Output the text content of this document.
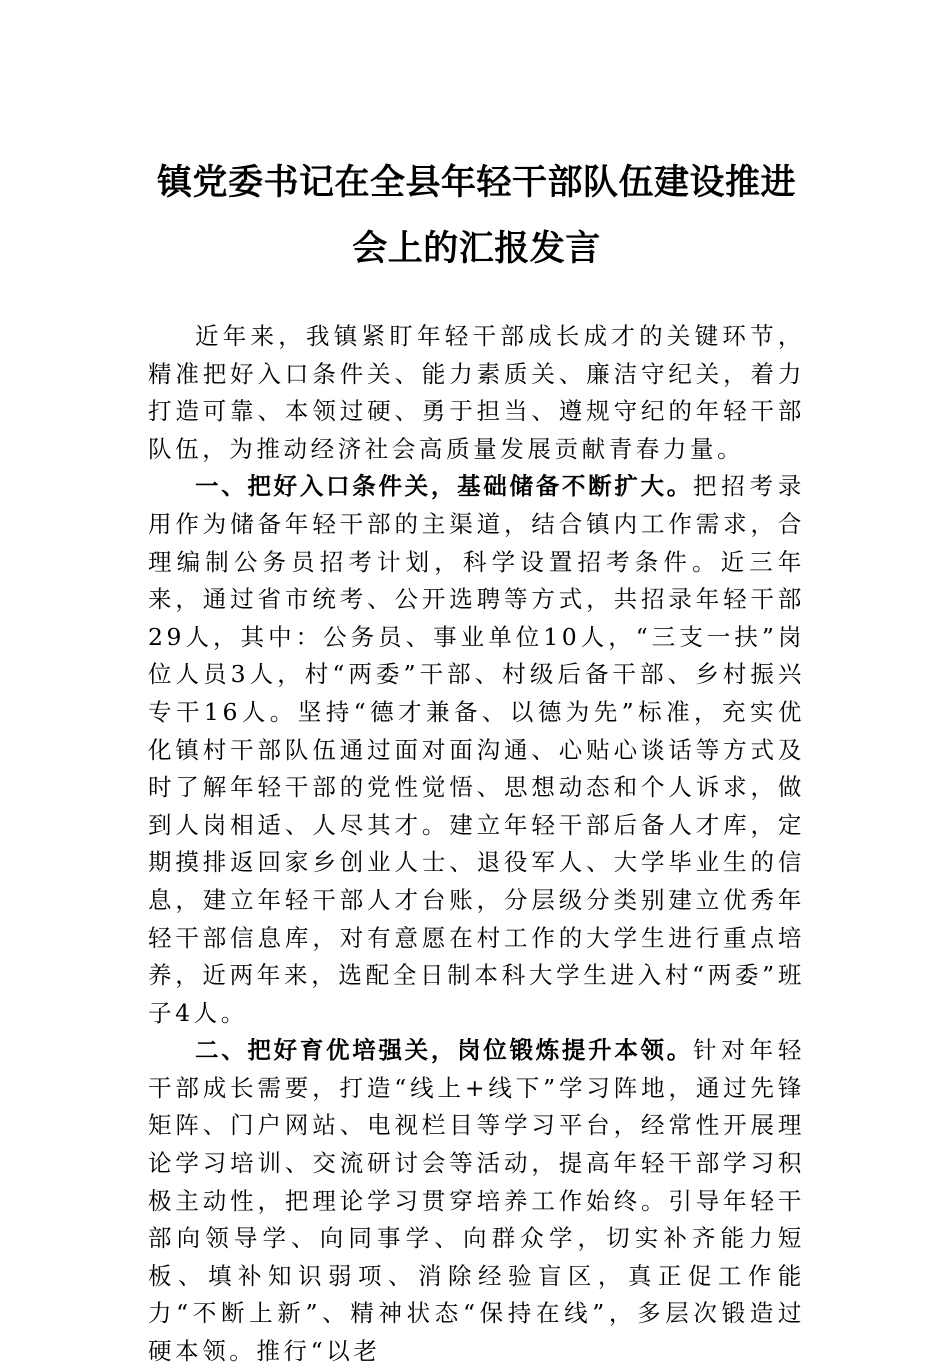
镇党委书记在全县年轻干部队伍建设推进
会上的汇报发言

近年来，我镇紧盯年轻干部成长成才的关键环节，精准把好入口条件关、能力素质关、廉洁守纪关，着力打造可靠、本领过硬、勇于担当、遵规守纪的年轻干部队伍，为推动经济社会高质量发展贡献青春力量。

一、把好入口条件关，基础储备不断扩大。把招考录用作为储备年轻干部的主渠道，结合镇内工作需求，合理编制公务员招考计划，科学设置招考条件。近三年来，通过省市统考、公开选聘等方式，共招录年轻干部29人，其中：公务员、事业单位10人，“三支一扶”岗位人员3人，村“两委”干部、村级后备干部、乡村振兴专干16人。坚持“德才兼备、以德为先”标准，充实优化镇村干部队伍通过面对面沟通、心贴心谈话等方式及时了解年轻干部的党性觉悟、思想动态和个人诉求，做到人岗相适、人尽其才。建立年轻干部后备人才库，定期摸排返回家乡创业人士、退役军人、大学毕业生的信息，建立年轻干部人才台账，分层级分类别建立优秀年轻干部信息库，对有意愿在村工作的大学生进行重点培养，近两年来，选配全日制本科大学生进入村“两委”班子4人。

二、把好育优培强关，岗位锻炼提升本领。针对年轻干部成长需要，打造“线上+线下”学习阵地，通过先锋矩阵、门户网站、电视栏目等学习平台，经常性开展理论学习培训、交流研讨会等活动，提高年轻干部学习积极主动性，把理论学习贯穿培养工作始终。引导年轻干部向领导学、向同事学、向群众学，切实补齐能力短板、填补知识弱项、消除经验盲区，真正促工作能力“不断上新”、精神状态“保持在线”，多层次锻造过硬本领。推行“以老
